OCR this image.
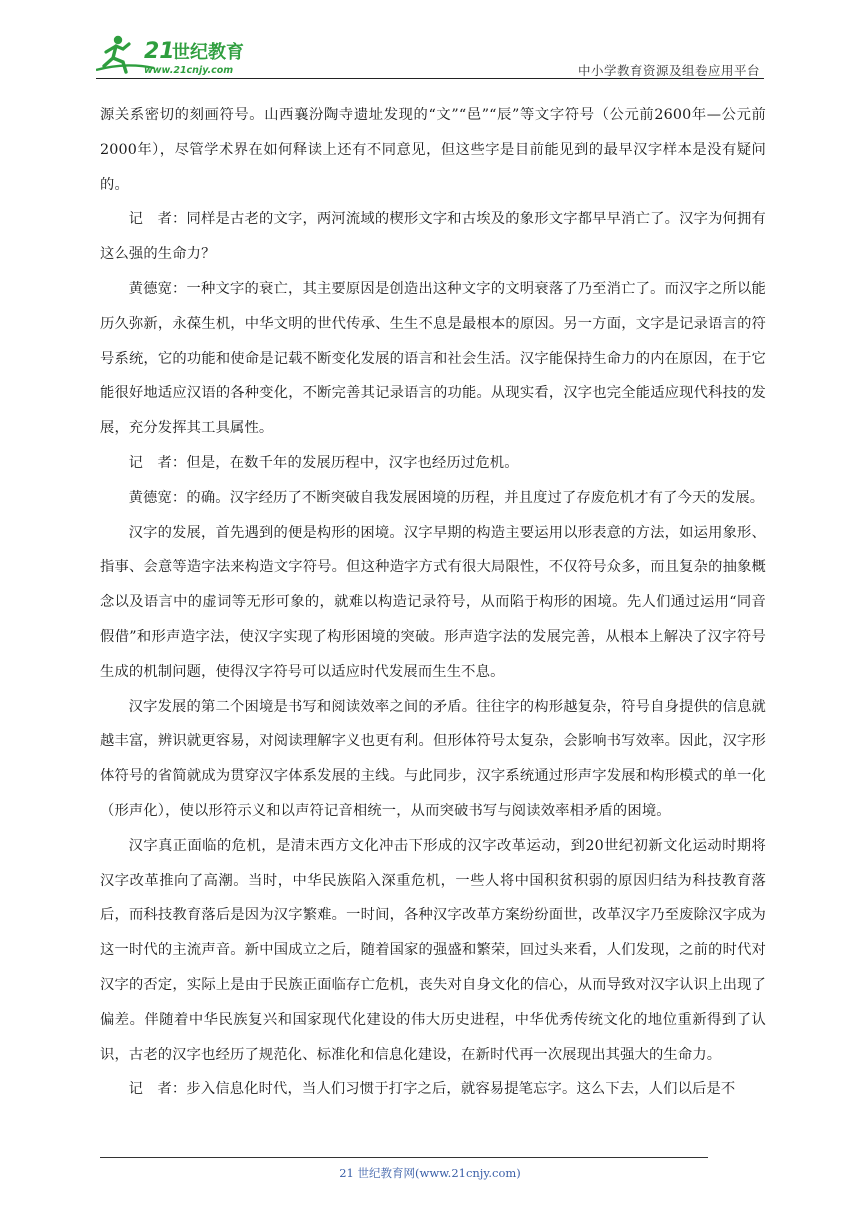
21
世纪教育
www.21cnjy.com	中小学教育资源及组卷应用平台

源关系密切的刻画符号。山西襄汾陶寺遗址发现的“文”“邑”“辰”等文字符号（公元前2600年—公元前2000年），尽管学术界在如何释读上还有不同意见，但这些字是目前能见到的最早汉字样本是没有疑问的。

记　者：同样是古老的文字，两河流域的楔形文字和古埃及的象形文字都早早消亡了。汉字为何拥有这么强的生命力？

黄德宽：一种文字的衰亡，其主要原因是创造出这种文字的文明衰落了乃至消亡了。而汉字之所以能历久弥新，永葆生机，中华文明的世代传承、生生不息是最根本的原因。另一方面，文字是记录语言的符号系统，它的功能和使命是记载不断变化发展的语言和社会生活。汉字能保持生命力的内在原因，在于它能很好地适应汉语的各种变化，不断完善其记录语言的功能。从现实看，汉字也完全能适应现代科技的发展，充分发挥其工具属性。

记　者：但是，在数千年的发展历程中，汉字也经历过危机。

黄德宽：的确。汉字经历了不断突破自我发展困境的历程，并且度过了存废危机才有了今天的发展。

汉字的发展，首先遇到的便是构形的困境。汉字早期的构造主要运用以形表意的方法，如运用象形、指事、会意等造字法来构造文字符号。但这种造字方式有很大局限性，不仅符号众多，而且复杂的抽象概念以及语言中的虚词等无形可象的，就难以构造记录符号，从而陷于构形的困境。先人们通过运用“同音假借”和形声造字法，使汉字实现了构形困境的突破。形声造字法的发展完善，从根本上解决了汉字符号生成的机制问题，使得汉字符号可以适应时代发展而生生不息。

汉字发展的第二个困境是书写和阅读效率之间的矛盾。往往字的构形越复杂，符号自身提供的信息就越丰富，辨识就更容易，对阅读理解字义也更有利。但形体符号太复杂，会影响书写效率。因此，汉字形体符号的省简就成为贯穿汉字体系发展的主线。与此同步，汉字系统通过形声字发展和构形模式的单一化（形声化），使以形符示义和以声符记音相统一，从而突破书写与阅读效率相矛盾的困境。

汉字真正面临的危机，是清末西方文化冲击下形成的汉字改革运动，到20世纪初新文化运动时期将汉字改革推向了高潮。当时，中华民族陷入深重危机，一些人将中国积贫积弱的原因归结为科技教育落后，而科技教育落后是因为汉字繁难。一时间，各种汉字改革方案纷纷面世，改革汉字乃至废除汉字成为这一时代的主流声音。新中国成立之后，随着国家的强盛和繁荣，回过头来看，人们发现，之前的时代对汉字的否定，实际上是由于民族正面临存亡危机，丧失对自身文化的信心，从而导致对汉字认识上出现了偏差。伴随着中华民族复兴和国家现代化建设的伟大历史进程，中华优秀传统文化的地位重新得到了认识，古老的汉字也经历了规范化、标准化和信息化建设，在新时代再一次展现出其强大的生命力。

记　者：步入信息化时代，当人们习惯于打字之后，就容易提笔忘字。这么下去，人们以后是不

21 世纪教育网(www.21cnjy.com)
